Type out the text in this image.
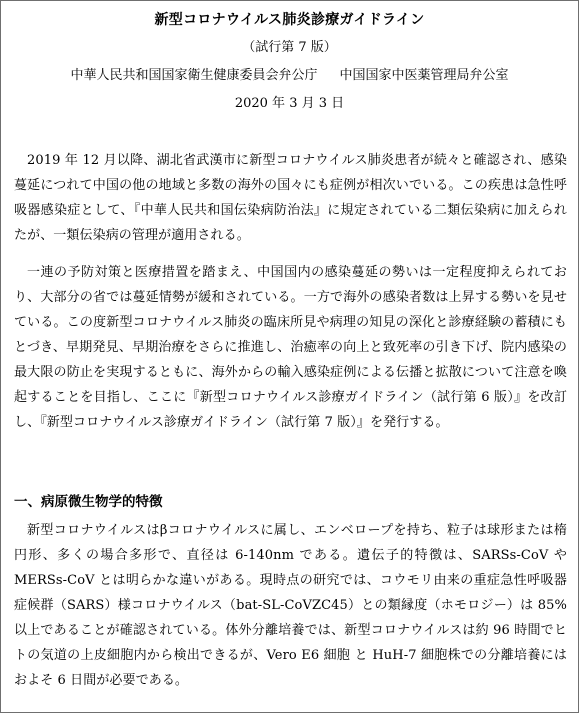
新型コロナウイルス肺炎診療ガイドライン
（試行第 7 版）
中華人民共和国国家衛生健康委員会弁公庁 中国国家中医薬管理局弁公室
2020 年 3 月 3 日

2019 年 12 月以降、湖北省武漢市に新型コロナウイルス肺炎患者が続々と確認され、感染蔓延につれて中国の他の地域と多数の海外の国々にも症例が相次いでいる。この疾患は急性呼吸器感染症として、『中華人民共和国伝染病防治法』に規定されている二類伝染病に加えられたが、一類伝染病の管理が適用される。

一連の予防対策と医療措置を踏まえ、中国国内の感染蔓延の勢いは一定程度抑えられており、大部分の省では蔓延情勢が緩和されている。一方で海外の感染者数は上昇する勢いを見せている。この度新型コロナウイルス肺炎の臨床所見や病理の知見の深化と診療経験の蓄積にもとづき、早期発見、早期治療をさらに推進し、治癒率の向上と致死率の引き下げ、院内感染の最大限の防止を実現するともに、海外からの輸入感染症例による伝播と拡散について注意を喚起することを目指し、ここに『新型コロナウイルス診療ガイドライン（試行第 6 版）』を改訂し、『新型コロナウイルス診療ガイドライン（試行第 7 版）』を発行する。

一、病原微生物学的特徴

新型コロナウイルスはβコロナウイルスに属し、エンベロープを持ち、粒子は球形または楕円形、多くの場合多形で、直径は 6-140nm である。遺伝子的特徴は、SARSs-CoV や MERSs-CoV とは明らかな違いがある。現時点の研究では、コウモリ由来の重症急性呼吸器症候群（SARS）様コロナウイルス（bat-SL-CoVZC45）との類縁度（ホモロジー）は 85%以上であることが確認されている。体外分離培養では、新型コロナウイルスは約 96 時間でヒトの気道の上皮細胞内から検出できるが、Vero E6 細胞 と HuH-7 細胞株での分離培養にはおよそ 6 日間が必要である。
